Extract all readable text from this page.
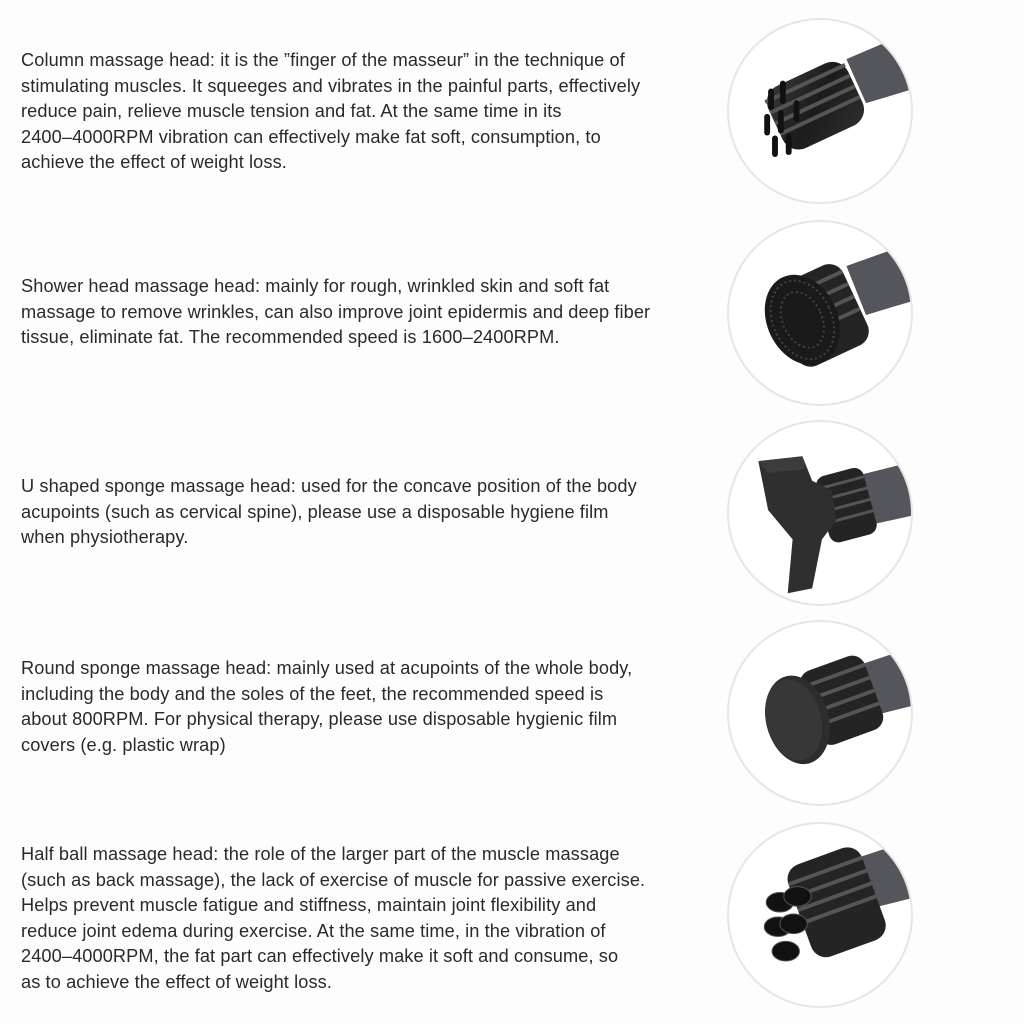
Column massage head: it is the ”finger of the masseur” in the technique of
stimulating muscles. It squeeges and vibrates in the painful parts, effectively
reduce pain, relieve muscle tension and fat. At the same time in its
2400–4000RPM vibration can effectively make fat soft, consumption, to
achieve the effect of weight loss.

Shower head massage head: mainly for rough, wrinkled skin and soft fat
massage to remove wrinkles, can also improve joint epidermis and deep fiber
tissue, eliminate fat. The recommended speed is 1600–2400RPM.

U shaped sponge massage head: used for the concave position of the body
acupoints (such as cervical spine), please use a disposable hygiene film
when physiotherapy.

Round sponge massage head: mainly used at acupoints of the whole body,
including the body and the soles of the feet, the recommended speed is
about 800RPM. For physical therapy, please use disposable hygienic film
covers (e.g. plastic wrap)

Half ball massage head: the role of the larger part of the muscle massage
(such as back massage), the lack of exercise of muscle for passive exercise.
Helps prevent muscle fatigue and stiffness, maintain joint flexibility and
reduce joint edema during exercise. At the same time, in the vibration of
2400–4000RPM, the fat part can effectively make it soft and consume, so
as to achieve the effect of weight loss.
